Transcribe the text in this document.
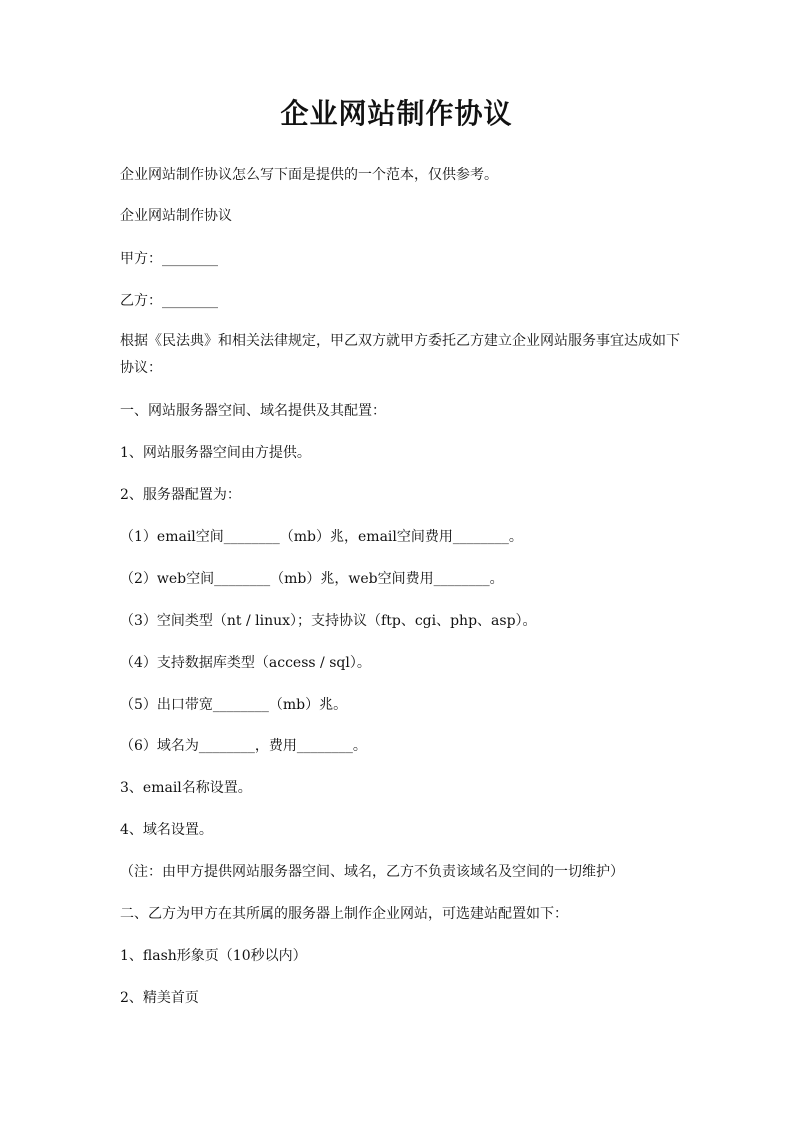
企业网站制作协议
企业网站制作协议怎么写下面是提供的一个范本，仅供参考。
企业网站制作协议
甲方：________
乙方：________
根据《民法典》和相关法律规定，甲乙双方就甲方委托乙方建立企业网站服务事宜达成如下协议：
一、网站服务器空间、域名提供及其配置：
1、网站服务器空间由方提供。
2、服务器配置为：
（1）email空间________（mb）兆，email空间费用________。
（2）web空间________（mb）兆，web空间费用________。
（3）空间类型（nt / linux）；支持协议（ftp、cgi、php、asp）。
（4）支持数据库类型（access / sql）。
（5）出口带宽________（mb）兆。
（6）域名为________，费用________。
3、email名称设置。
4、域名设置。
（注：由甲方提供网站服务器空间、域名，乙方不负责该域名及空间的一切维护）
二、乙方为甲方在其所属的服务器上制作企业网站，可选建站配置如下：
1、flash形象页（10秒以内）
2、精美首页
